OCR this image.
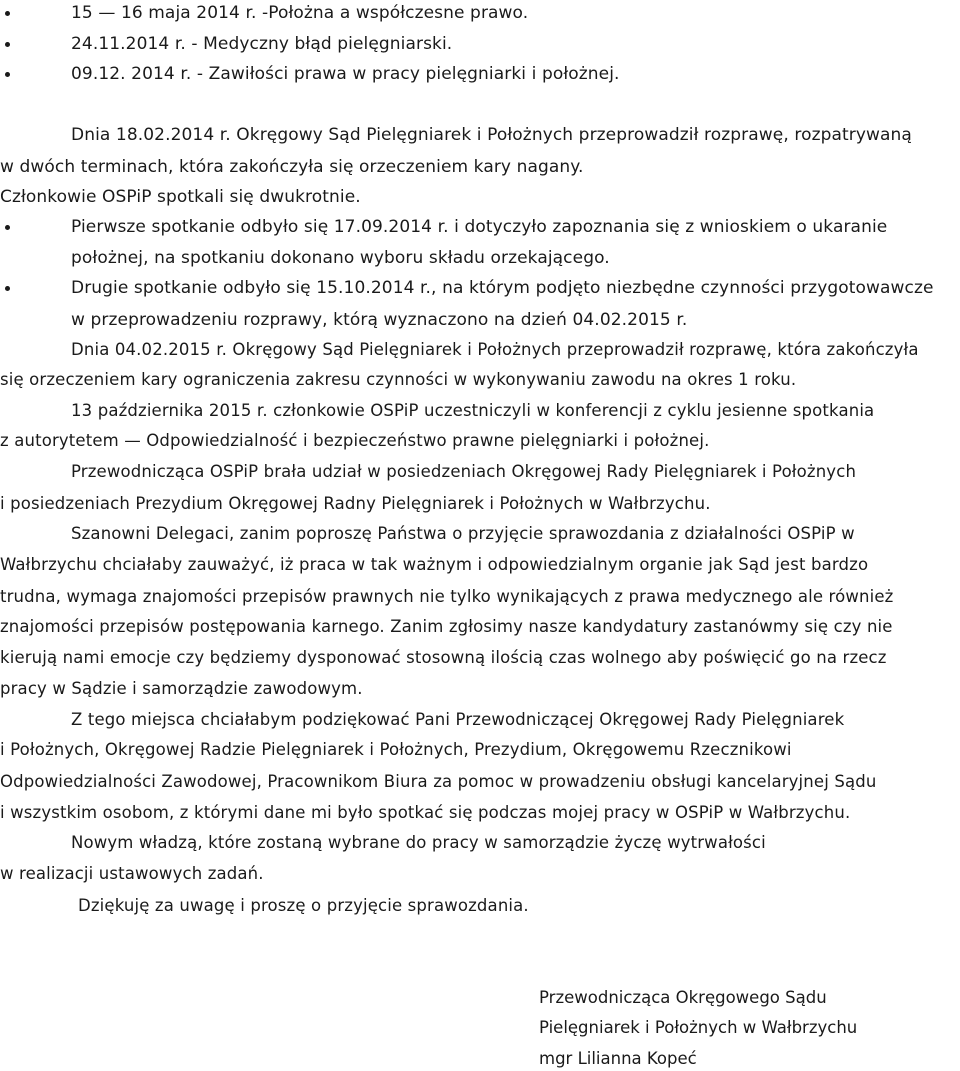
15 — 16 maja 2014 r. -Położna a współczesne prawo.
24.11.2014 r. - Medyczny błąd pielęgniarski.
09.12. 2014 r. - Zawiłości prawa w pracy pielęgniarki i położnej.
Dnia 18.02.2014 r. Okręgowy Sąd Pielęgniarek i Położnych przeprowadził rozprawę, rozpatrywaną
w dwóch terminach, która zakończyła się orzeczeniem kary nagany.
Członkowie OSPiP spotkali się dwukrotnie.
Pierwsze spotkanie odbyło się 17.09.2014 r. i dotyczyło zapoznania się z wnioskiem o ukaranie
położnej, na spotkaniu dokonano wyboru składu orzekającego.
Drugie spotkanie odbyło się 15.10.2014 r., na którym podjęto niezbędne czynności przygotowawcze
w przeprowadzeniu rozprawy, którą wyznaczono na dzień 04.02.2015 r.
Dnia 04.02.2015 r. Okręgowy Sąd Pielęgniarek i Położnych przeprowadził rozprawę, która zakończyła
się orzeczeniem kary ograniczenia zakresu czynności w wykonywaniu zawodu na okres 1 roku.
13 października 2015 r. członkowie OSPiP uczestniczyli w konferencji z cyklu jesienne spotkania
z autorytetem — Odpowiedzialność i bezpieczeństwo prawne pielęgniarki i położnej.
Przewodnicząca OSPiP brała udział w posiedzeniach Okręgowej Rady Pielęgniarek i Położnych
i posiedzeniach Prezydium Okręgowej Radny Pielęgniarek i Położnych w Wałbrzychu.
Szanowni Delegaci, zanim poproszę Państwa o przyjęcie sprawozdania z działalności OSPiP w
Wałbrzychu chciałaby zauważyć, iż praca w tak ważnym i odpowiedzialnym organie jak Sąd jest bardzo
trudna, wymaga znajomości przepisów prawnych nie tylko wynikających z prawa medycznego ale również
znajomości przepisów postępowania karnego. Zanim zgłosimy nasze kandydatury zastanówmy się czy nie
kierują nami emocje czy będziemy dysponować stosowną ilością czas wolnego aby poświęcić go na rzecz
pracy w Sądzie i samorządzie zawodowym.
Z tego miejsca chciałabym podziękować Pani Przewodniczącej Okręgowej Rady Pielęgniarek
i Położnych, Okręgowej Radzie Pielęgniarek i Położnych, Prezydium, Okręgowemu Rzecznikowi
Odpowiedzialności Zawodowej, Pracownikom Biura za pomoc w prowadzeniu obsługi kancelaryjnej Sądu
i wszystkim osobom, z którymi dane mi było spotkać się podczas mojej pracy w OSPiP w Wałbrzychu.
Nowym władzą, które zostaną wybrane do pracy w samorządzie życzę wytrwałości
w realizacji ustawowych zadań.
Dziękuję za uwagę i proszę o przyjęcie sprawozdania.
Przewodnicząca Okręgowego Sądu
Pielęgniarek i Położnych w Wałbrzychu
mgr Lilianna Kopeć
